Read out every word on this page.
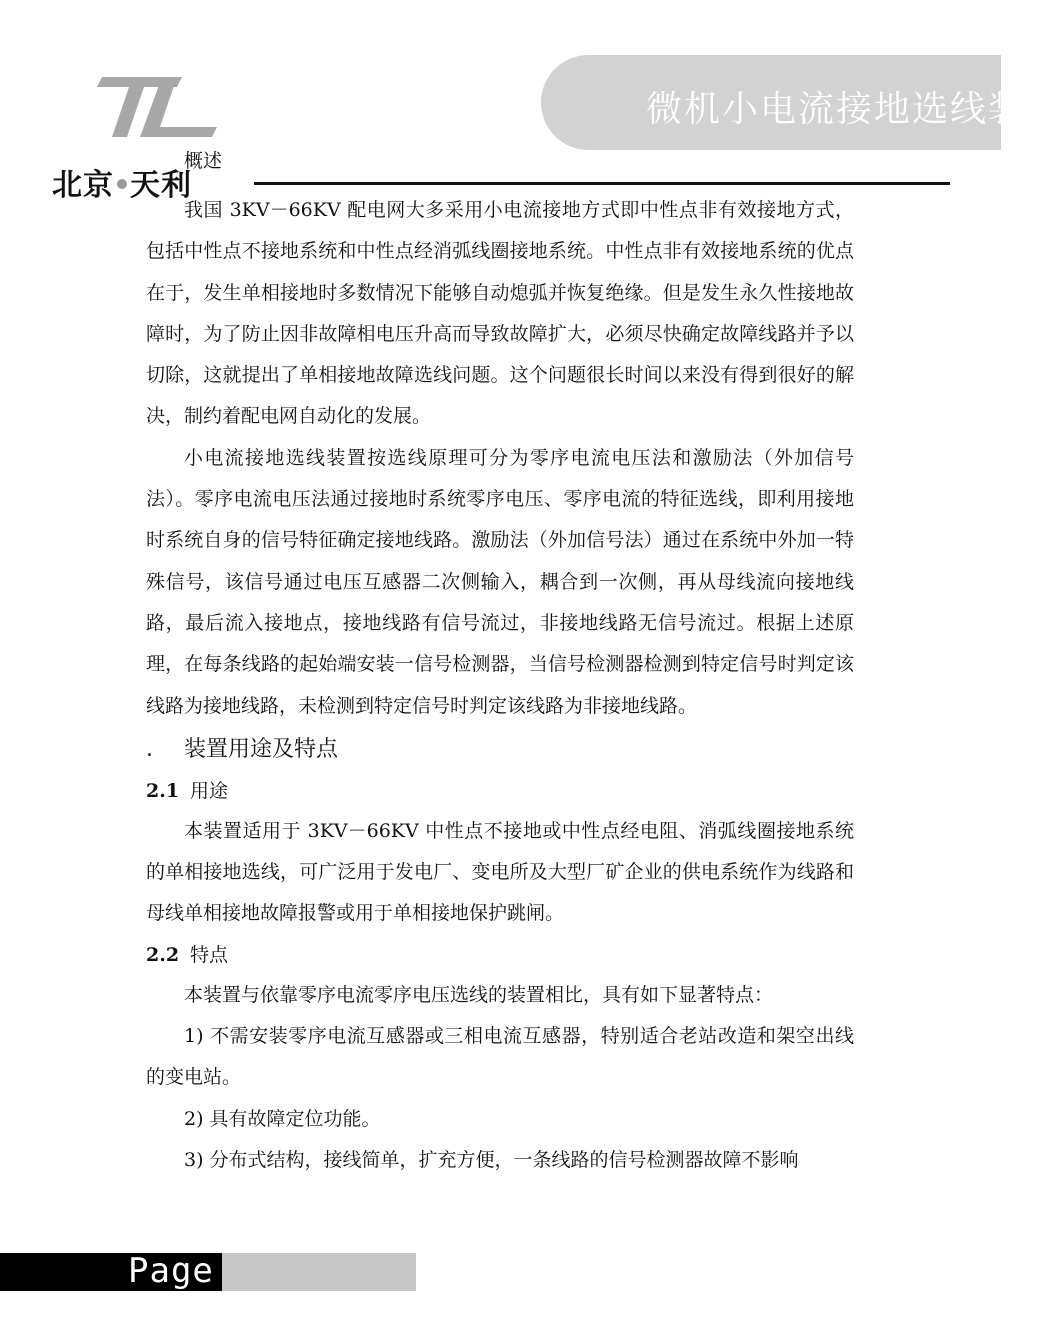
北京 天利
概述
微机小电流接地选线装置

我国 3KV－66KV 配电网大多采用小电流接地方式即中性点非有效接地方式，包括中性点不接地系统和中性点经消弧线圈接地系统。中性点非有效接地系统的优点在于，发生单相接地时多数情况下能够自动熄弧并恢复绝缘。但是发生永久性接地故障时，为了防止因非故障相电压升高而导致故障扩大，必须尽快确定故障线路并予以切除，这就提出了单相接地故障选线问题。这个问题很长时间以来没有得到很好的解决，制约着配电网自动化的发展。

小电流接地选线装置按选线原理可分为零序电流电压法和激励法（外加信号法）。零序电流电压法通过接地时系统零序电压、零序电流的特征选线，即利用接地时系统自身的信号特征确定接地线路。激励法（外加信号法）通过在系统中外加一特殊信号，该信号通过电压互感器二次侧输入，耦合到一次侧，再从母线流向接地线路，最后流入接地点，接地线路有信号流过，非接地线路无信号流过。根据上述原理，在每条线路的起始端安装一信号检测器，当信号检测器检测到特定信号时判定该线路为接地线路，未检测到特定信号时判定该线路为非接地线路。

. 装置用途及特点
2.1 用途

本装置适用于 3KV－66KV 中性点不接地或中性点经电阻、消弧线圈接地系统的单相接地选线，可广泛用于发电厂、变电所及大型厂矿企业的供电系统作为线路和母线单相接地故障报警或用于单相接地保护跳闸。

2.2 特点

本装置与依靠零序电流零序电压选线的装置相比，具有如下显著特点：

1) 不需安装零序电流互感器或三相电流互感器，特别适合老站改造和架空出线的变电站。

2) 具有故障定位功能。

3) 分布式结构，接线简单，扩充方便，一条线路的信号检测器故障不影响

Page
